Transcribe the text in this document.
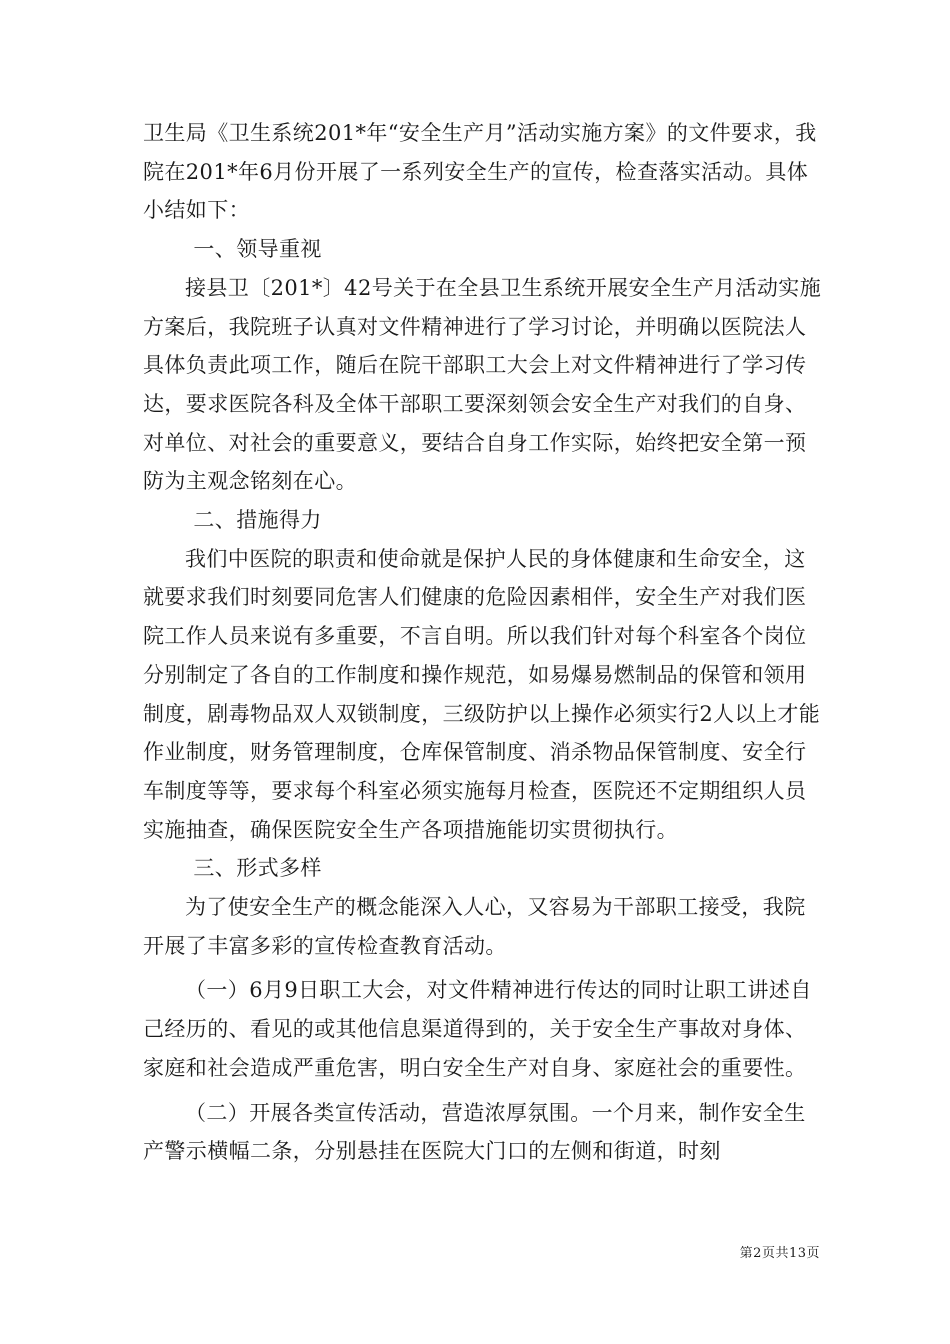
卫生局《卫生系统201*年“安全生产月”活动实施方案》的文件要求，我院在201*年6月份开展了一系列安全生产的宣传，检查落实活动。具体小结如下：

一、领导重视

接县卫〔201*〕42号关于在全县卫生系统开展安全生产月活动实施方案后，我院班子认真对文件精神进行了学习讨论，并明确以医院法人具体负责此项工作，随后在院干部职工大会上对文件精神进行了学习传达，要求医院各科及全体干部职工要深刻领会安全生产对我们的自身、对单位、对社会的重要意义，要结合自身工作实际，始终把安全第一预防为主观念铭刻在心。

二、措施得力

我们中医院的职责和使命就是保护人民的身体健康和生命安全，这就要求我们时刻要同危害人们健康的危险因素相伴，安全生产对我们医院工作人员来说有多重要，不言自明。所以我们针对每个科室各个岗位分别制定了各自的工作制度和操作规范，如易爆易燃制品的保管和领用制度，剧毒物品双人双锁制度，三级防护以上操作必须实行2人以上才能作业制度，财务管理制度，仓库保管制度、消杀物品保管制度、安全行车制度等等，要求每个科室必须实施每月检查，医院还不定期组织人员实施抽查，确保医院安全生产各项措施能切实贯彻执行。

三、形式多样

为了使安全生产的概念能深入人心，又容易为干部职工接受，我院开展了丰富多彩的宣传检查教育活动。

（一）6月9日职工大会，对文件精神进行传达的同时让职工讲述自己经历的、看见的或其他信息渠道得到的，关于安全生产事故对身体、家庭和社会造成严重危害，明白安全生产对自身、家庭社会的重要性。

（二）开展各类宣传活动，营造浓厚氛围。一个月来，制作安全生产警示横幅二条，分别悬挂在医院大门口的左侧和街道，时刻

第2页共13页
